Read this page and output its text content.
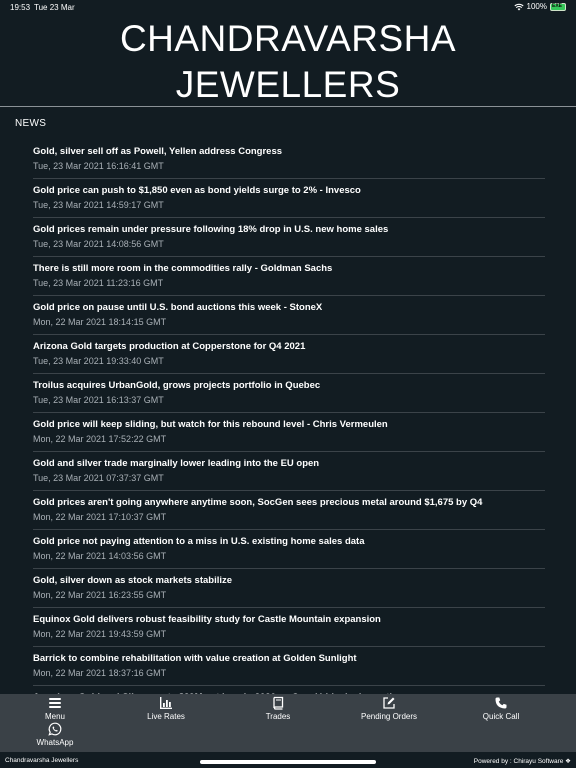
19:53 Tue 23 Mar	100% EXE
CHANDRAVARSHA
JEWELLERS
NEWS
Gold, silver sell off as Powell, Yellen address Congress
Tue, 23 Mar 2021 16:16:41 GMT
Gold price can push to $1,850 even as bond yields surge to 2% - Invesco
Tue, 23 Mar 2021 14:59:17 GMT
Gold prices remain under pressure following 18% drop in U.S. new home sales
Tue, 23 Mar 2021 14:08:56 GMT
There is still more room in the commodities rally - Goldman Sachs
Tue, 23 Mar 2021 11:23:16 GMT
Gold price on pause until U.S. bond auctions this week - StoneX
Mon, 22 Mar 2021 18:14:15 GMT
Arizona Gold targets production at Copperstone for Q4 2021
Tue, 23 Mar 2021 19:33:40 GMT
Troilus acquires UrbanGold, grows projects portfolio in Quebec
Tue, 23 Mar 2021 16:13:37 GMT
Gold price will keep sliding, but watch for this rebound level - Chris Vermeulen
Mon, 22 Mar 2021 17:52:22 GMT
Gold and silver trade marginally lower leading into the EU open
Tue, 23 Mar 2021 07:37:37 GMT
Gold prices aren't going anywhere anytime soon, SocGen sees precious metal around $1,675 by Q4
Mon, 22 Mar 2021 17:10:37 GMT
Gold price not paying attention to a miss in U.S. existing home sales data
Mon, 22 Mar 2021 14:03:56 GMT
Gold, silver down as stock markets stabilize
Mon, 22 Mar 2021 16:23:55 GMT
Equinox Gold delivers robust feasibility study for Castle Mountain expansion
Mon, 22 Mar 2021 19:43:59 GMT
Barrick to combine rehabilitation with value creation at Golden Sunlight
Mon, 22 Mar 2021 18:37:16 GMT
Menu	Live Rates	Trades	Pending Orders	Quick Call
WhatsApp
Chandravarsha Jewellers	Powered by : Chirayu Software ❖
